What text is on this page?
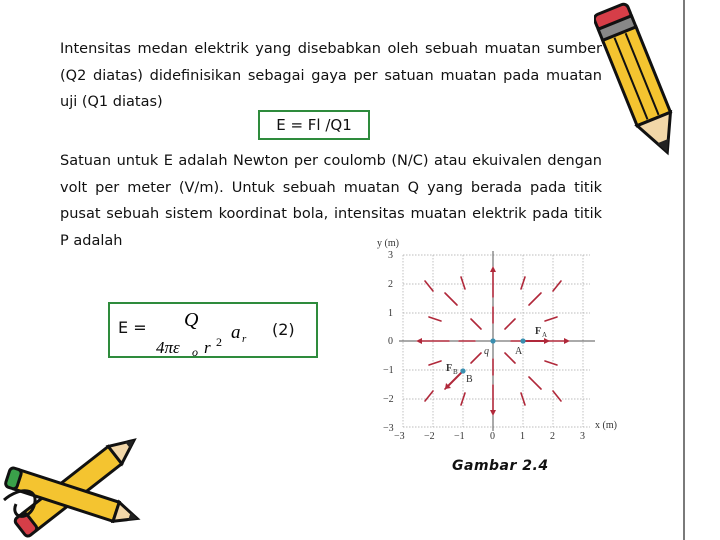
Intensitas medan elektrik yang disebabkan oleh sebuah muatan sumber
(Q2 diatas) didefinisikan sebagai gaya per satuan muatan pada muatan
uji (Q1 diatas)
E = Fl /Q1
Satuan untuk E adalah Newton per coulomb (N/C) atau ekuivalen dengan
volt per meter (V/m). Untuk sebuah muatan Q yang berada pada titik
pusat sebuah sistem koordinat bola, intensitas muatan elektrik pada titik
P adalah
E = Q
4πε o r 2 a r (2)
y (m)
x (m)
3
2
1
0
−1
−2
−3
−3 −2 −1	0	1	2	3
q	A
B
F A
F B
Gambar 2.4
